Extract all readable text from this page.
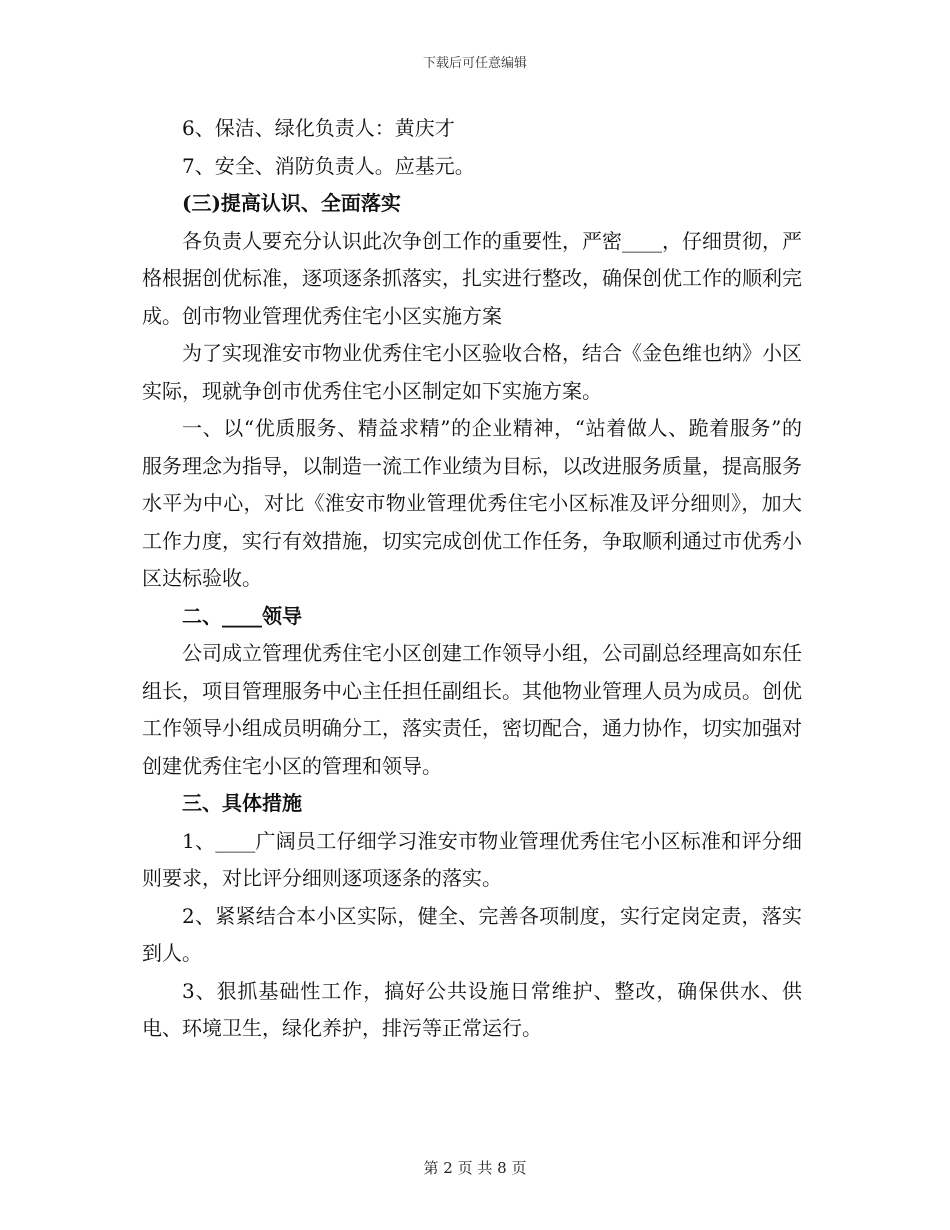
下载后可任意编辑

6、保洁、绿化负责人：黄庆才

7、安全、消防负责人。应基元。

(三)提高认识、全面落实

各负责人要充分认识此次争创工作的重要性，严密____，仔细贯彻，严格根据创优标准，逐项逐条抓落实，扎实进行整改，确保创优工作的顺利完成。创市物业管理优秀住宅小区实施方案

为了实现淮安市物业优秀住宅小区验收合格，结合《金色维也纳》小区实际，现就争创市优秀住宅小区制定如下实施方案。

一、以“优质服务、精益求精”的企业精神，“站着做人、跪着服务”的服务理念为指导，以制造一流工作业绩为目标，以改进服务质量，提高服务水平为中心，对比《淮安市物业管理优秀住宅小区标准及评分细则》，加大工作力度，实行有效措施，切实完成创优工作任务，争取顺利通过市优秀小区达标验收。

二、____领导

公司成立管理优秀住宅小区创建工作领导小组，公司副总经理高如东任组长，项目管理服务中心主任担任副组长。其他物业管理人员为成员。创优工作领导小组成员明确分工，落实责任，密切配合，通力协作，切实加强对创建优秀住宅小区的管理和领导。

三、具体措施

1、____广阔员工仔细学习淮安市物业管理优秀住宅小区标准和评分细则要求，对比评分细则逐项逐条的落实。

2、紧紧结合本小区实际，健全、完善各项制度，实行定岗定责，落实到人。

3、狠抓基础性工作，搞好公共设施日常维护、整改，确保供水、供电、环境卫生，绿化养护，排污等正常运行。

第 2 页 共 8 页
